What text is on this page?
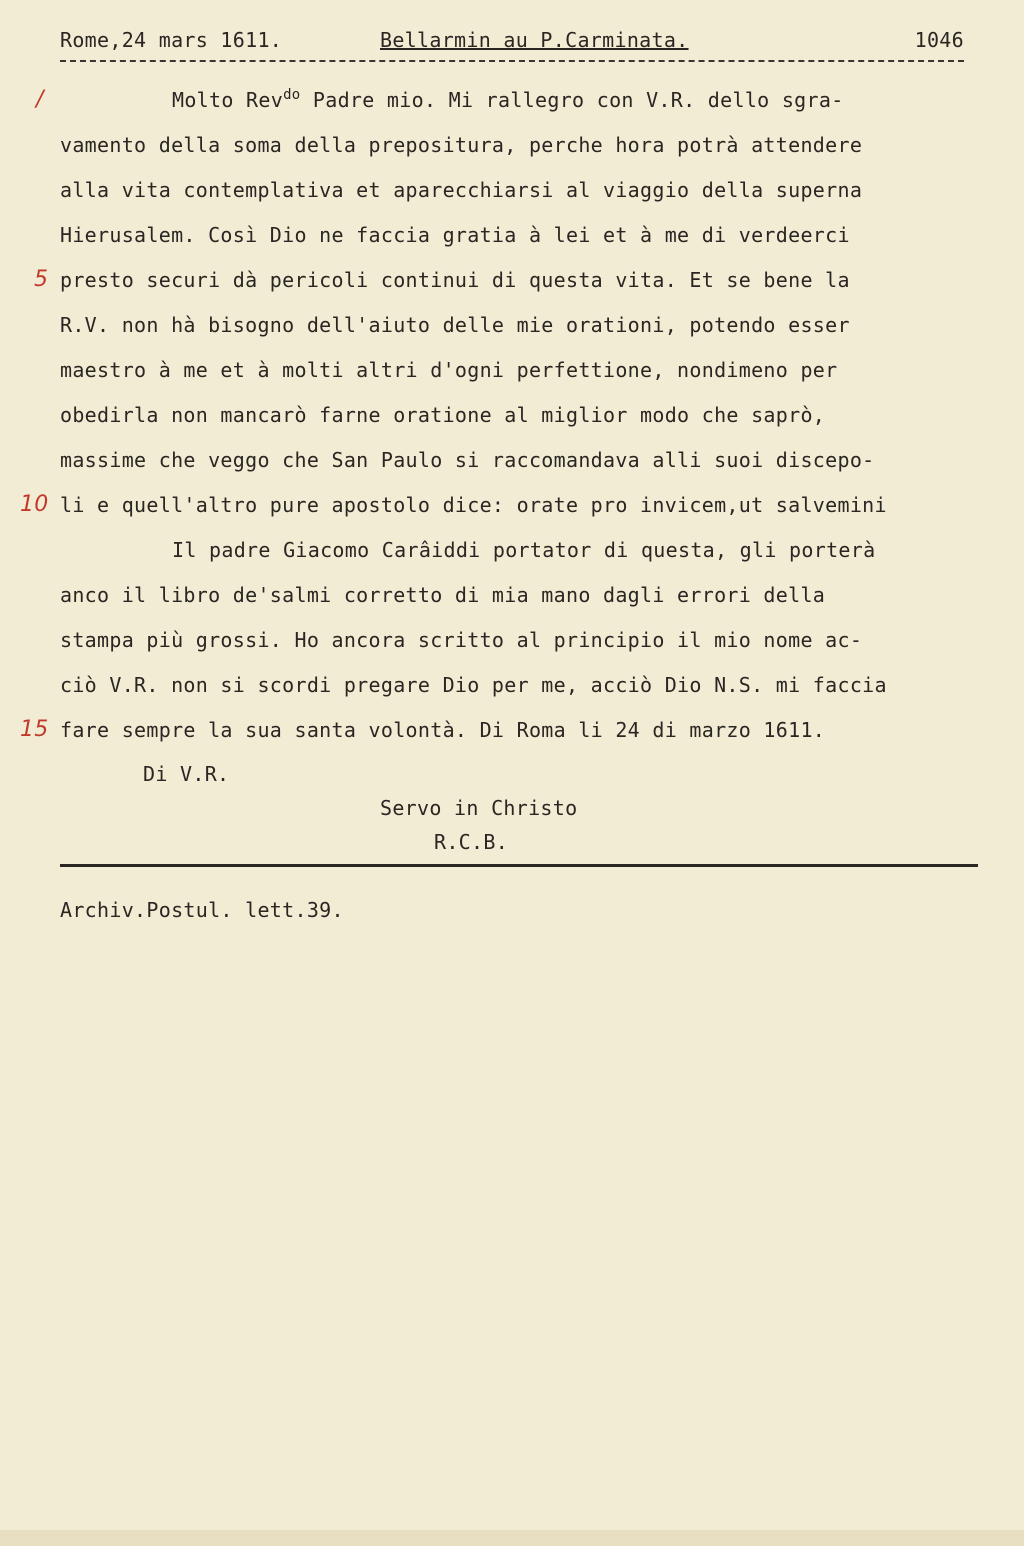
Rome,24 mars 1611.

	Bellarmin au P.Carminata.

	1046

Molto Rev$^{do}$ Padre mio. Mi rallegro con V.R. dello sgra-
vamento della soma della prepositura, perche hora potrà attendere
alla vita contemplativa et aparecchiarsi al viaggio della superna
Hierusalem. Così Dio ne faccia gratia à lei et à me di verdeerci
presto securi dà pericoli continui di questa vita. Et se bene la
R.V. non hà bisogno dell'aiuto delle mie orationi, potendo esser
maestro à me et à molti altri d'ogni perfettione, nondimeno per
obedirla non mancarò farne oratione al miglior modo che saprò,
massime che veggo che San Paulo si raccomandava alli suoi discepo-
li e quell'altro pure apostolo dice: orate pro invicem,ut salvemini
Il padre Giacomo Carâiddi portator di questa, gli porterà
anco il libro de'salmi corretto di mia mano dagli errori della
stampa più grossi. Ho ancora scritto al principio il mio nome ac-
ciò V.R. non si scordi pregare Dio per me, acciò Dio N.S. mi faccia
fare sempre la sua santa volontà. Di Roma li 24 di marzo 1611.
/
5
10
15
Di V.R.
Servo in Christo
R.C.B.
Archiv.Postul. lett.39.
